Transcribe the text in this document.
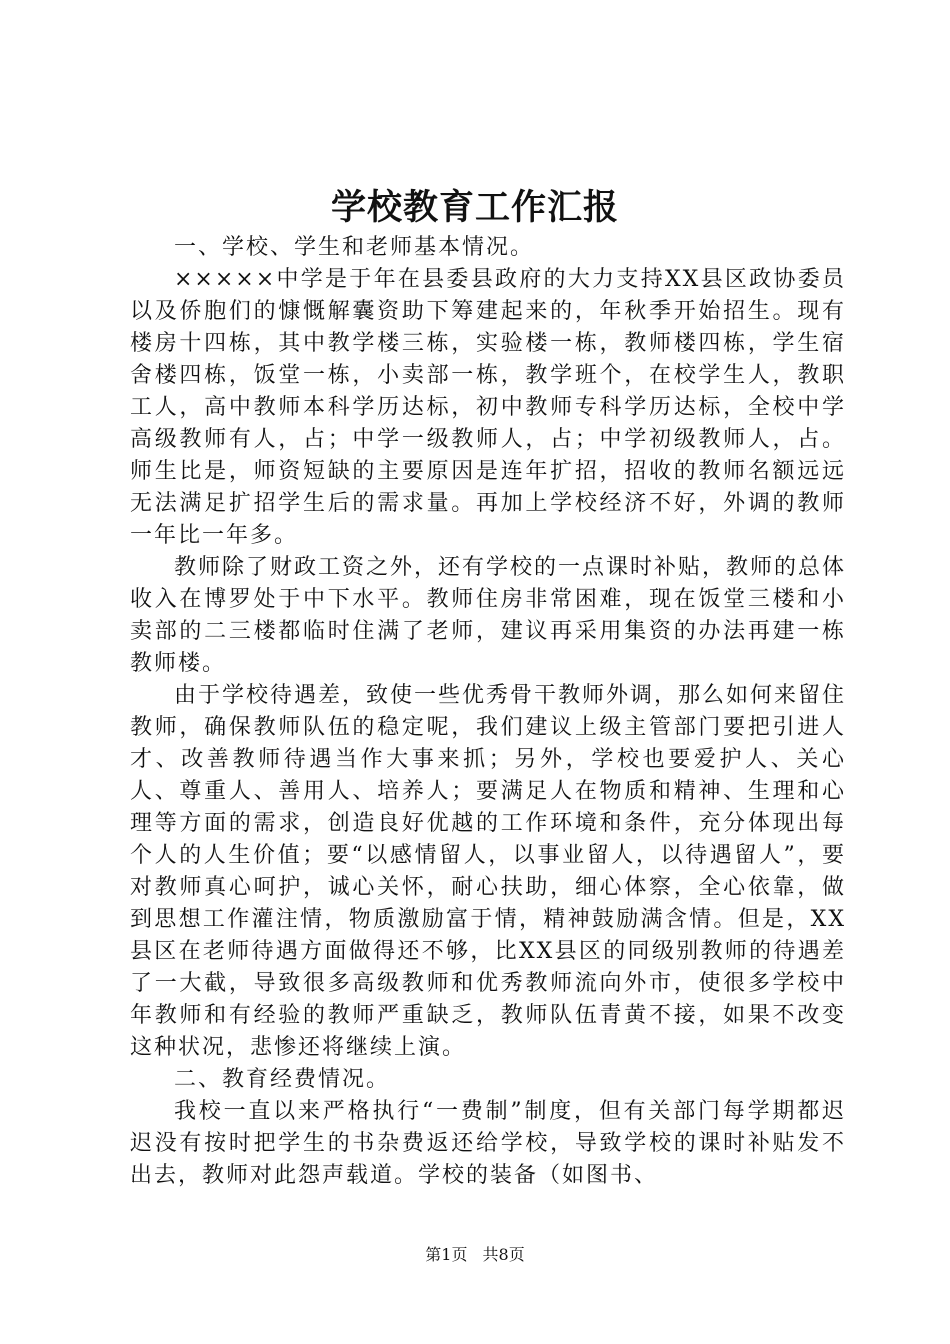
学校教育工作汇报

一、学校、学生和老师基本情况。

×××××中学是于年在县委县政府的大力支持XX县区政协委员以及侨胞们的慷慨解囊资助下筹建起来的，年秋季开始招生。现有楼房十四栋，其中教学楼三栋，实验楼一栋，教师楼四栋，学生宿舍楼四栋，饭堂一栋，小卖部一栋，教学班个，在校学生人，教职工人，高中教师本科学历达标，初中教师专科学历达标，全校中学高级教师有人，占；中学一级教师人，占；中学初级教师人，占。师生比是，师资短缺的主要原因是连年扩招，招收的教师名额远远无法满足扩招学生后的需求量。再加上学校经济不好，外调的教师一年比一年多。

教师除了财政工资之外，还有学校的一点课时补贴，教师的总体收入在博罗处于中下水平。教师住房非常困难，现在饭堂三楼和小卖部的二三楼都临时住满了老师，建议再采用集资的办法再建一栋教师楼。

由于学校待遇差，致使一些优秀骨干教师外调，那么如何来留住教师，确保教师队伍的稳定呢，我们建议上级主管部门要把引进人才、改善教师待遇当作大事来抓；另外，学校也要爱护人、关心人、尊重人、善用人、培养人；要满足人在物质和精神、生理和心理等方面的需求，创造良好优越的工作环境和条件，充分体现出每个人的人生价值；要“以感情留人，以事业留人，以待遇留人”，要对教师真心呵护，诚心关怀，耐心扶助，细心体察，全心依靠，做到思想工作灌注情，物质激励富于情，精神鼓励满含情。但是，XX县区在老师待遇方面做得还不够，比XX县区的同级别教师的待遇差了一大截，导致很多高级教师和优秀教师流向外市，使很多学校中年教师和有经验的教师严重缺乏，教师队伍青黄不接，如果不改变这种状况，悲惨还将继续上演。

二、教育经费情况。

我校一直以来严格执行“一费制”制度，但有关部门每学期都迟迟没有按时把学生的书杂费返还给学校，导致学校的课时补贴发不出去，教师对此怨声载道。学校的装备（如图书、

第1页 共8页
